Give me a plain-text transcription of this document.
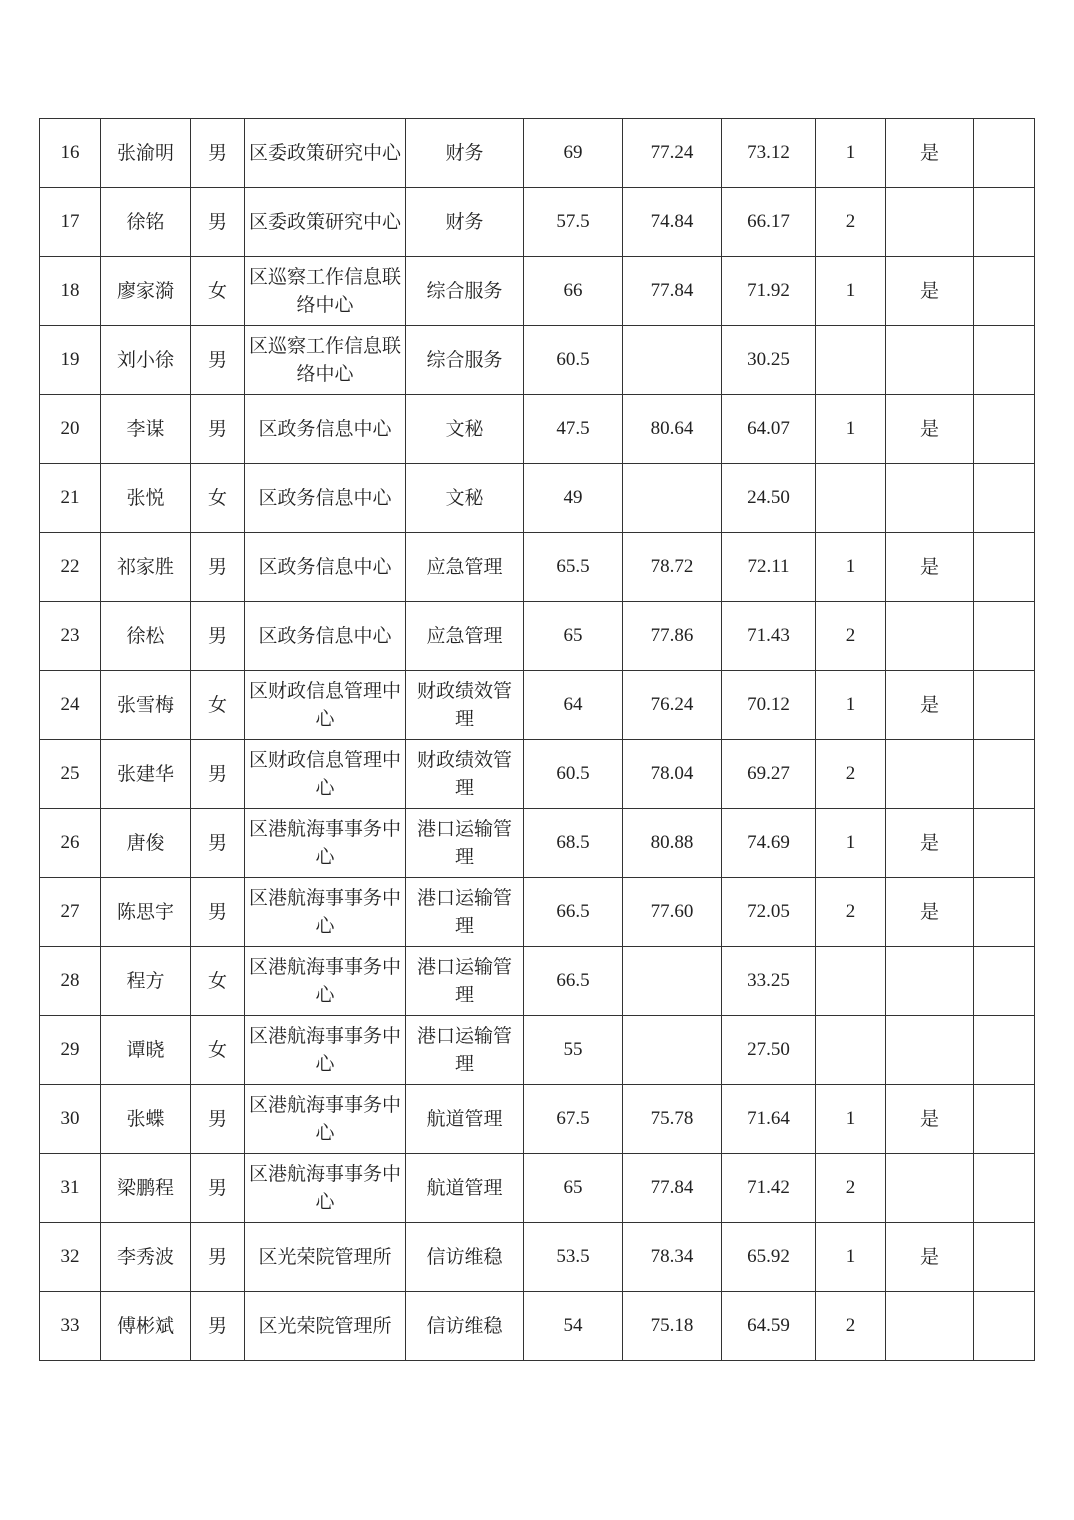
16	张渝明	男	区委政策研究中心	财务	69	77.24	73.12	1	是	
17	徐铭	男	区委政策研究中心	财务	57.5	74.84	66.17	2		
18	廖家漪	女	区巡察工作信息联络中心	综合服务	66	77.84	71.92	1	是	
19	刘小徐	男	区巡察工作信息联络中心	综合服务	60.5		30.25			
20	李谋	男	区政务信息中心	文秘	47.5	80.64	64.07	1	是	
21	张悦	女	区政务信息中心	文秘	49		24.50			
22	祁家胜	男	区政务信息中心	应急管理	65.5	78.72	72.11	1	是	
23	徐松	男	区政务信息中心	应急管理	65	77.86	71.43	2		
24	张雪梅	女	区财政信息管理中心	财政绩效管理	64	76.24	70.12	1	是	
25	张建华	男	区财政信息管理中心	财政绩效管理	60.5	78.04	69.27	2		
26	唐俊	男	区港航海事事务中心	港口运输管理	68.5	80.88	74.69	1	是	
27	陈思宇	男	区港航海事事务中心	港口运输管理	66.5	77.60	72.05	2	是	
28	程方	女	区港航海事事务中心	港口运输管理	66.5		33.25			
29	谭晓	女	区港航海事事务中心	港口运输管理	55		27.50			
30	张蝶	男	区港航海事事务中心	航道管理	67.5	75.78	71.64	1	是	
31	梁鹏程	男	区港航海事事务中心	航道管理	65	77.84	71.42	2		
32	李秀波	男	区光荣院管理所	信访维稳	53.5	78.34	65.92	1	是	
33	傅彬斌	男	区光荣院管理所	信访维稳	54	75.18	64.59	2		
